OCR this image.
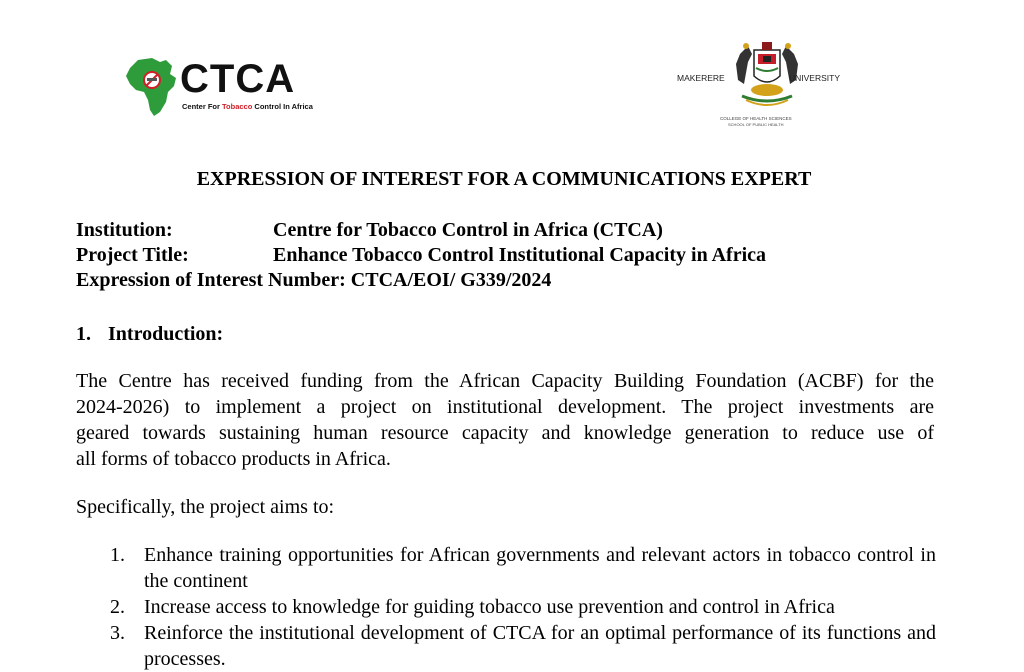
CTCA
Center For Tobacco Control In Africa
MAKERERE	UNIVERSITY
COLLEGE OF HEALTH SCIENCES
SCHOOL OF PUBLIC HEALTH
EXPRESSION OF INTEREST FOR A COMMUNICATIONS EXPERT
Institution:	Centre for Tobacco Control in Africa (CTCA)
Project Title:	Enhance Tobacco Control Institutional Capacity in Africa
Expression of Interest Number: CTCA/EOI/ G339/2024
1. Introduction:
The Centre has received funding from the African Capacity Building Foundation (ACBF) for the
2024-2026) to implement a project on institutional development. The project investments are
geared towards sustaining human resource capacity and knowledge generation to reduce use of
all forms of tobacco products in Africa.
Specifically, the project aims to:
1. Enhance training opportunities for African governments and relevant actors in tobacco control in the continent
2. Increase access to knowledge for guiding tobacco use prevention and control in Africa
3. Reinforce the institutional development of CTCA for an optimal performance of its functions and processes.
